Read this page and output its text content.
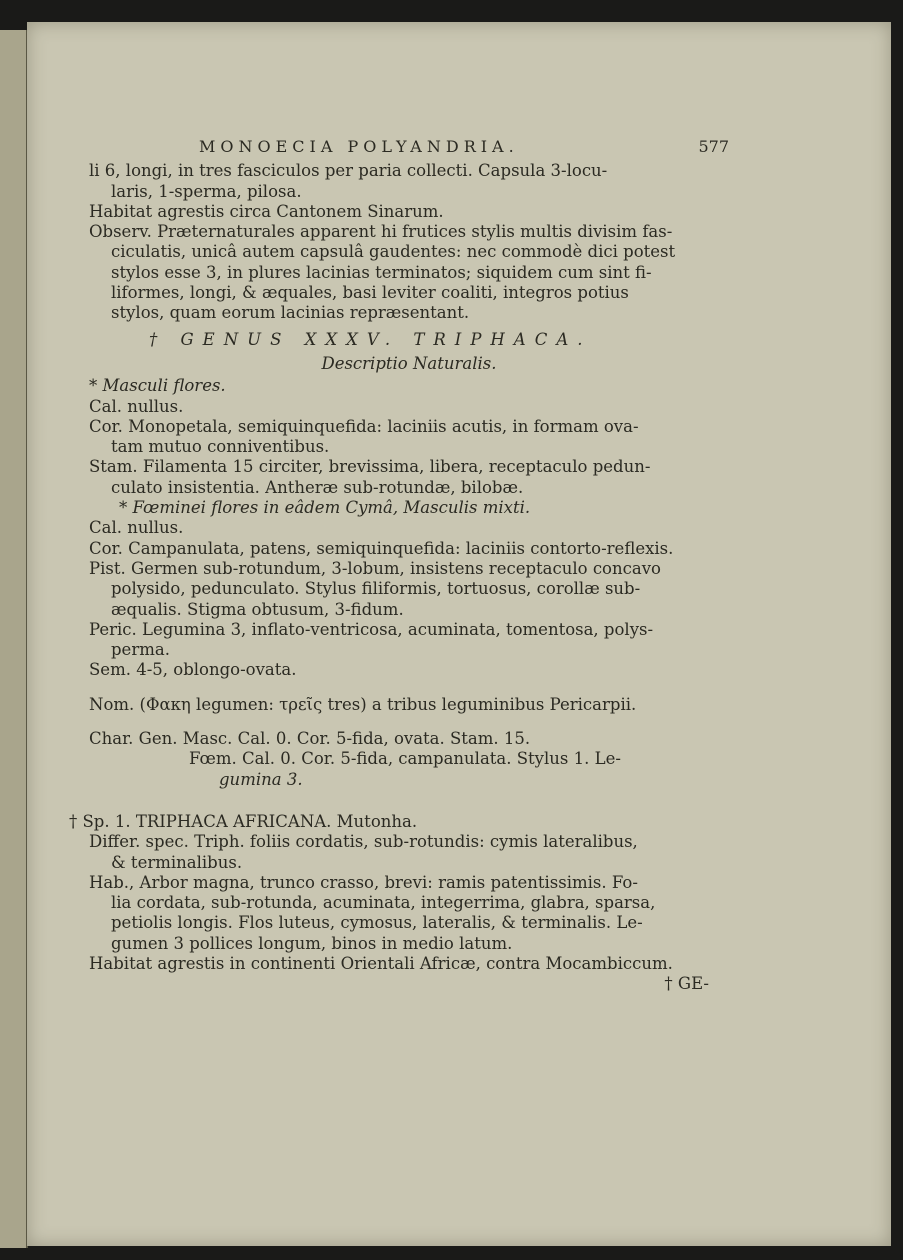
MONOECIA POLYANDRIA.	577

li 6, longi, in tres fasciculos per paria collecti. Capsula 3-locu-

laris, 1-sperma, pilosa.

Habitat agrestis circa Cantonem Sinarum.

Observ. Præternaturales apparent hi frutices stylis multis divisim fas-

ciculatis, unicâ autem capsulâ gaudentes: nec commodè dici potest

stylos esse 3, in plures lacinias terminatos; siquidem cum sint fi-

liformes, longi, & æquales, basi leviter coaliti, integros potius

stylos, quam eorum lacinias repræsentant.

† GENUS XXXV. TRIPHACA.

Descriptio Naturalis.

* Masculi flores.

Cal. nullus.

Cor. Monopetala, semiquinquefida: laciniis acutis, in formam ova-

tam mutuo conniventibus.

Stam. Filamenta 15 circiter, brevissima, libera, receptaculo pedun-

culato insistentia. Antheræ sub-rotundæ, bilobæ.

* Fœminei flores in eâdem Cymâ, Masculis mixti.

Cal. nullus.

Cor. Campanulata, patens, semiquinquefida: laciniis contorto-reflexis.

Pist. Germen sub-rotundum, 3-lobum, insistens receptaculo concavo

polysido, pedunculato. Stylus filiformis, tortuosus, corollæ sub-

æqualis. Stigma obtusum, 3-fidum.

Peric. Legumina 3, inflato-ventricosa, acuminata, tomentosa, polys-

perma.

Sem. 4-5, oblongo-ovata.

Nom. (Φακη legumen: τρεῖς tres) a tribus leguminibus Pericarpii.

Char. Gen. Masc. Cal. 0. Cor. 5-fida, ovata. Stam. 15.

Fœm. Cal. 0. Cor. 5-fida, campanulata. Stylus 1. Le-

gumina 3.

† Sp. 1. TRIPHACA AFRICANA. Mutonha.

Differ. spec. Triph. foliis cordatis, sub-rotundis: cymis lateralibus,

& terminalibus.

Hab., Arbor magna, trunco crasso, brevi: ramis patentissimis. Fo-

lia cordata, sub-rotunda, acuminata, integerrima, glabra, sparsa,

petiolis longis. Flos luteus, cymosus, lateralis, & terminalis. Le-

gumen 3 pollices longum, binos in medio latum.

Habitat agrestis in continenti Orientali Africæ, contra Mocambiccum.

† GE-
